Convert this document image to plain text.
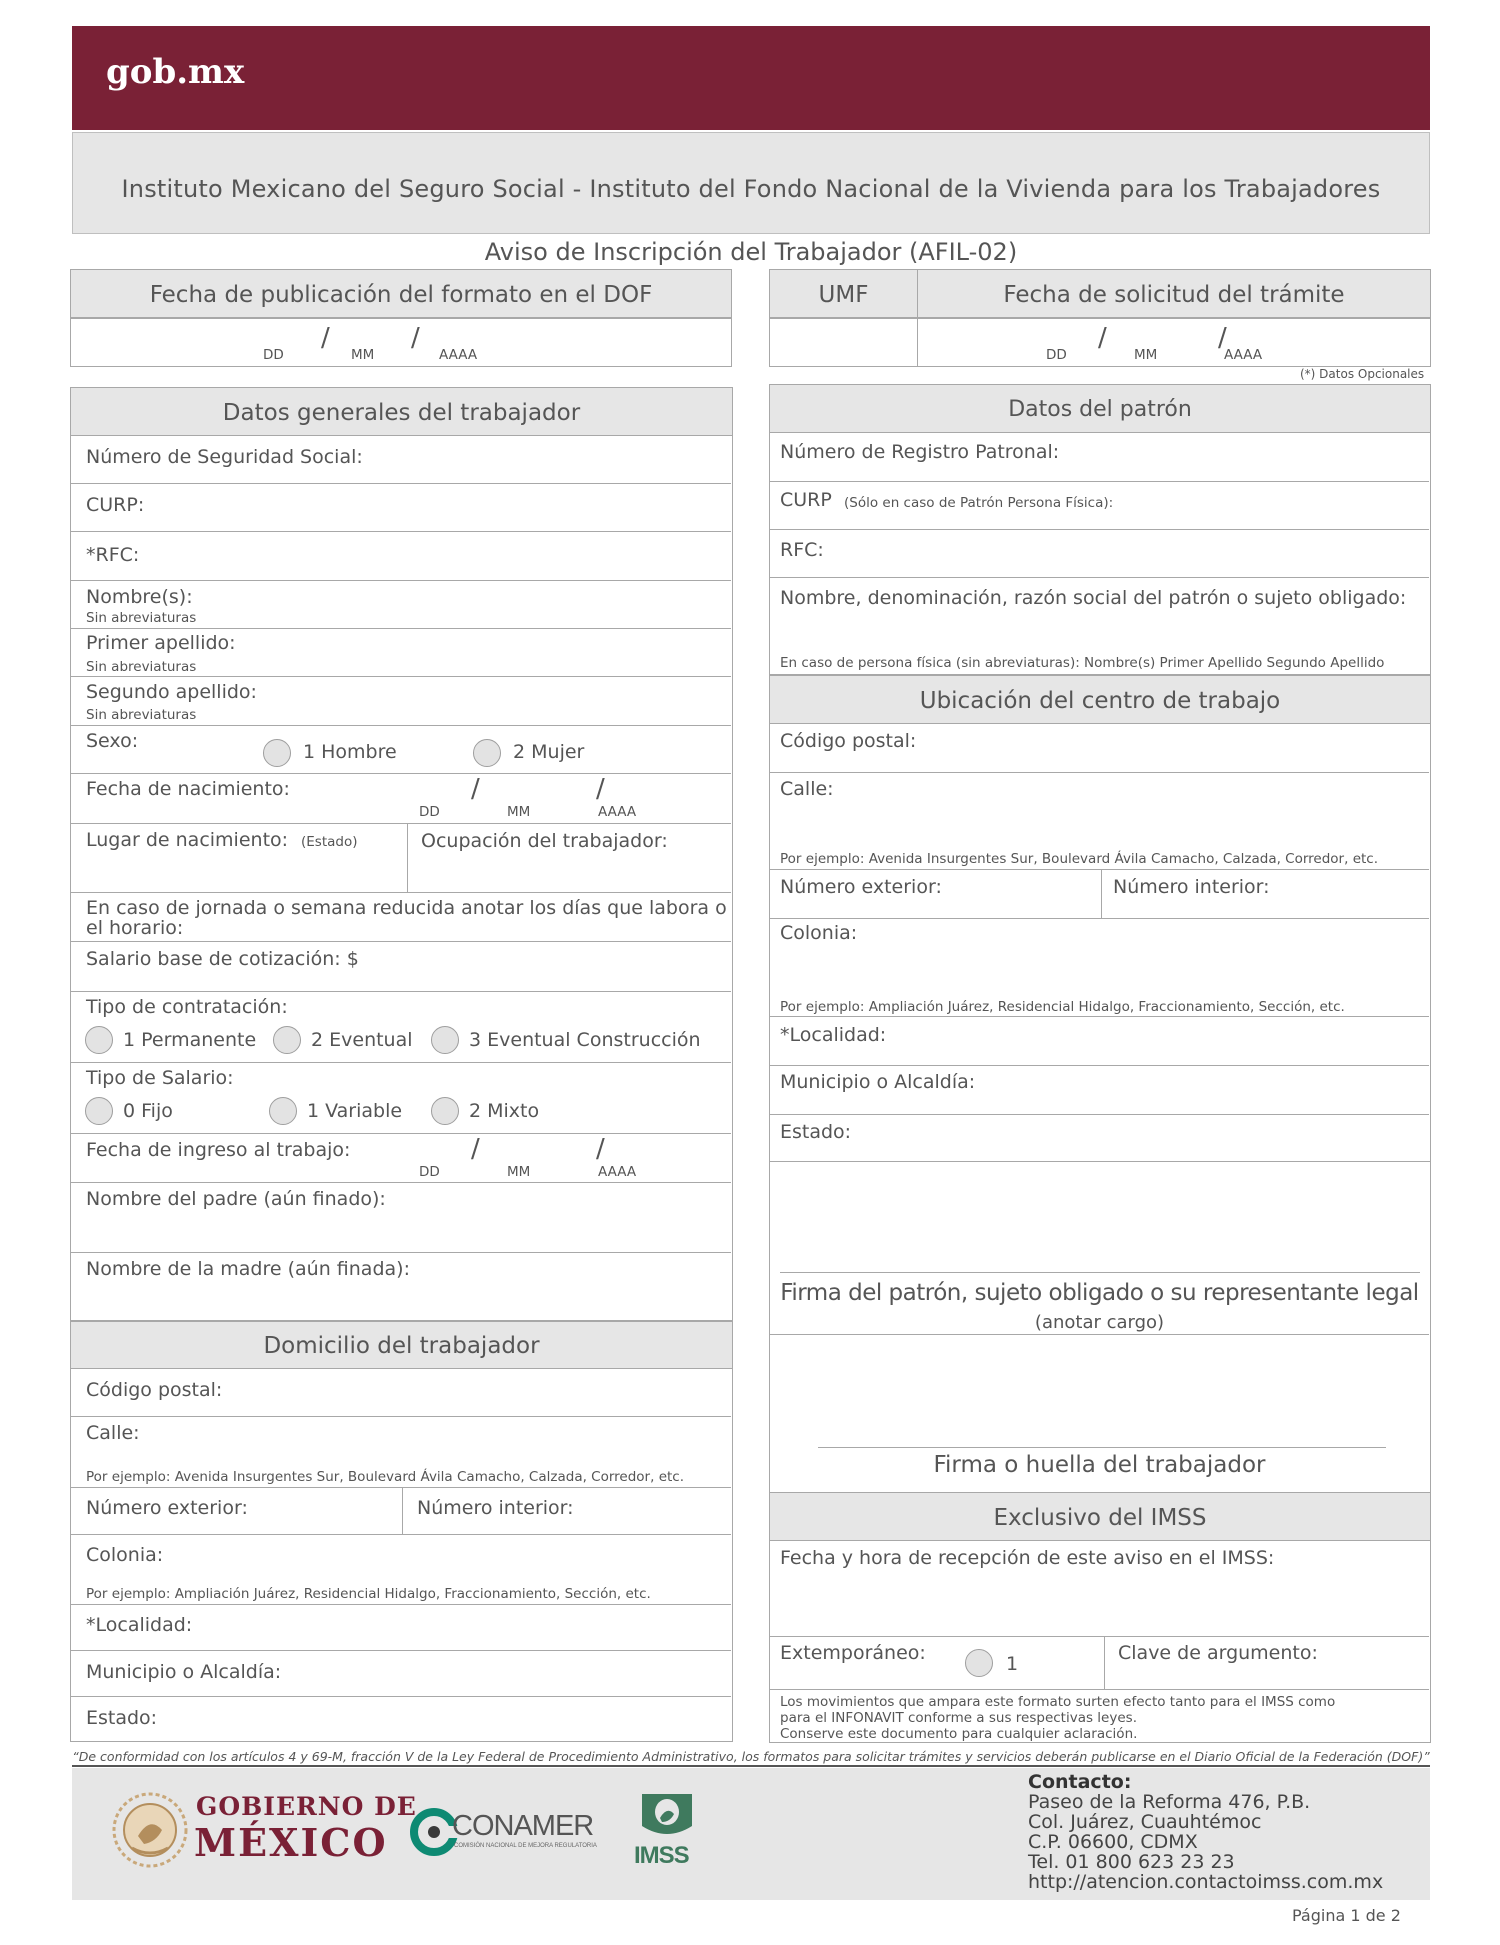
gob.mx
Instituto Mexicano del Seguro Social - Instituto del Fondo Nacional de la Vivienda para los Trabajadores
Aviso de Inscripción del Trabajador (AFIL-02)
Fecha de publicación del formato en el DOF
/	/
DD	MM	AAAA
UMF	Fecha de solicitud del trámite
/	/
DD	MM	AAAA
(*) Datos Opcionales
Datos generales del trabajador
Número de Seguridad Social:
CURP:
*RFC:
Nombre(s):
Sin abreviaturas
Primer apellido:
Sin abreviaturas
Segundo apellido:
Sin abreviaturas
Sexo:	1 Hombre	2 Mujer
Fecha de nacimiento:	/	/
DD	MM	AAAA
Lugar de nacimiento: (Estado)	Ocupación del trabajador:
En caso de jornada o semana reducida anotar los días que labora o
el horario:
Salario base de cotización: $
Tipo de contratación:
1 Permanente	2 Eventual	3 Eventual Construcción
Tipo de Salario:
0 Fijo	1 Variable	2 Mixto
Fecha de ingreso al trabajo:	/	/
DD	MM	AAAA
Nombre del padre (aún finado):
Nombre de la madre (aún finada):
Domicilio del trabajador
Código postal:
Calle:
Por ejemplo: Avenida Insurgentes Sur, Boulevard Ávila Camacho, Calzada, Corredor, etc.
Número exterior:	Número interior:
Colonia:
Por ejemplo: Ampliación Juárez, Residencial Hidalgo, Fraccionamiento, Sección, etc.
*Localidad:
Municipio o Alcaldía:
Estado:
Datos del patrón
Número de Registro Patronal:
CURP (Sólo en caso de Patrón Persona Física):
RFC:
Nombre, denominación, razón social del patrón o sujeto obligado:
En caso de persona física (sin abreviaturas): Nombre(s) Primer Apellido Segundo Apellido
Ubicación del centro de trabajo
Código postal:
Calle:
Por ejemplo: Avenida Insurgentes Sur, Boulevard Ávila Camacho, Calzada, Corredor, etc.
Número exterior:	Número interior:
Colonia:
Por ejemplo: Ampliación Juárez, Residencial Hidalgo, Fraccionamiento, Sección, etc.
*Localidad:
Municipio o Alcaldía:
Estado:
Firma del patrón, sujeto obligado o su representante legal
(anotar cargo)
Firma o huella del trabajador
Exclusivo del IMSS
Fecha y hora de recepción de este aviso en el IMSS:
Extemporáneo:	1	Clave de argumento:
Los movimientos que ampara este formato surten efecto tanto para el IMSS como
para el INFONAVIT conforme a sus respectivas leyes.
Conserve este documento para cualquier aclaración.
“De conformidad con los artículos 4 y 69-M, fracción V de la Ley Federal de Procedimiento Administrativo, los formatos para solicitar trámites y servicios deberán publicarse en el Diario Oficial de la Federación (DOF)”
GOBIERNO DE
MÉXICO CONAMER
COMISIÓN NACIONAL DE MEJORA REGULATORIA IMSS
Contacto:
Paseo de la Reforma 476, P.B.
Col. Juárez, Cuauhtémoc
C.P. 06600, CDMX
Tel. 01 800 623 23 23
http://atencion.contactoimss.com.mx
Página 1 de 2
